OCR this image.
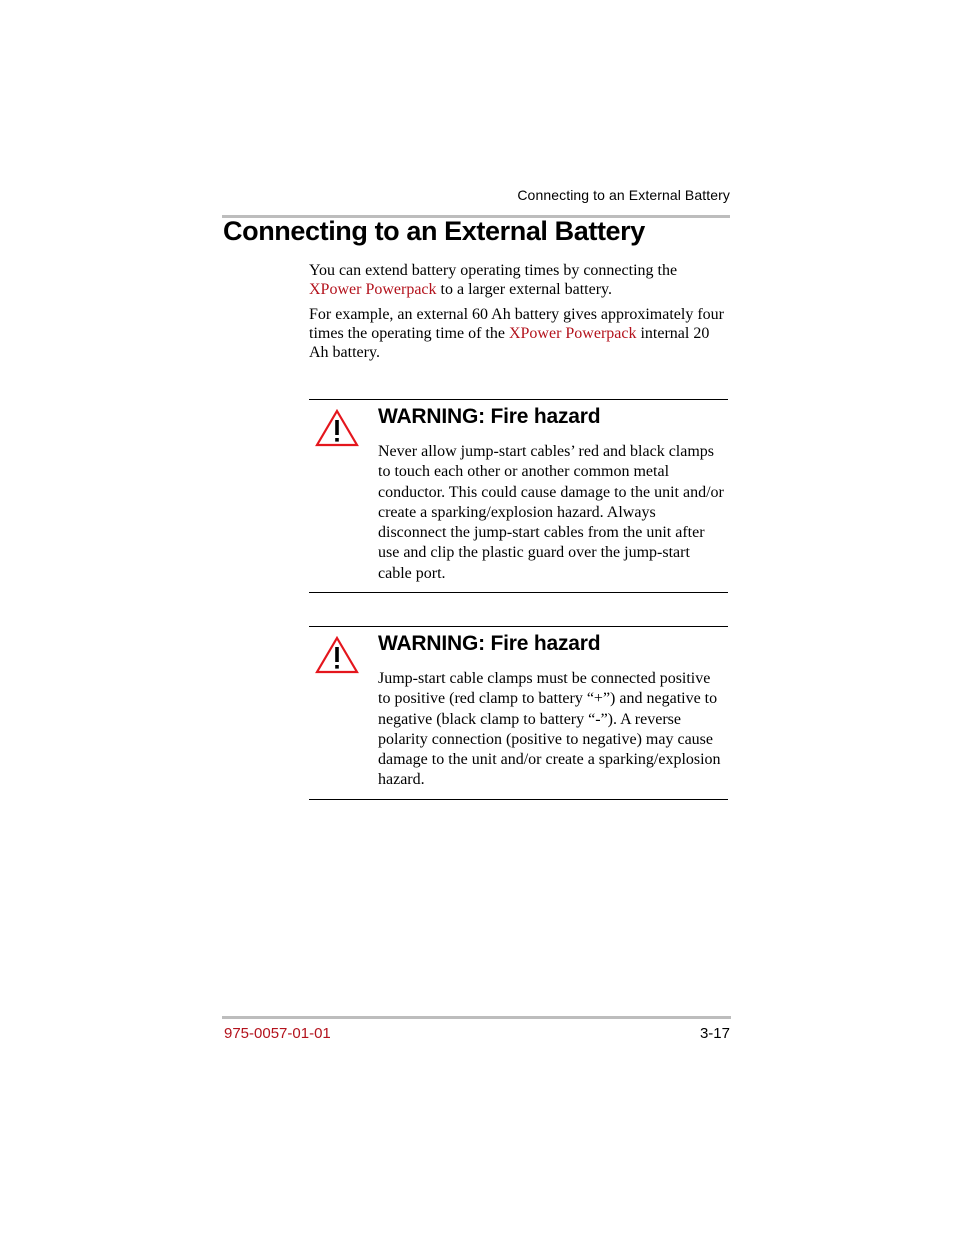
Connecting to an External Battery
Connecting to an External Battery

You can extend battery operating times by connecting the XPower Powerpack to a larger external battery.

For example, an external 60 Ah battery gives approximately four times the operating time of the XPower Powerpack internal 20 Ah battery.

WARNING: Fire hazard

Never allow jump-start cables’ red and black clamps to touch each other or another common metal conductor. This could cause damage to the unit and/or create a sparking/explosion hazard. Always disconnect the jump-start cables from the unit after use and clip the plastic guard over the jump-start cable port.

WARNING: Fire hazard

Jump-start cable clamps must be connected positive to positive (red clamp to battery “+”) and negative to negative (black clamp to battery “-”). A reverse polarity connection (positive to negative) may cause damage to the unit and/or create a sparking/explosion hazard.

975-0057-01-01	3-17
